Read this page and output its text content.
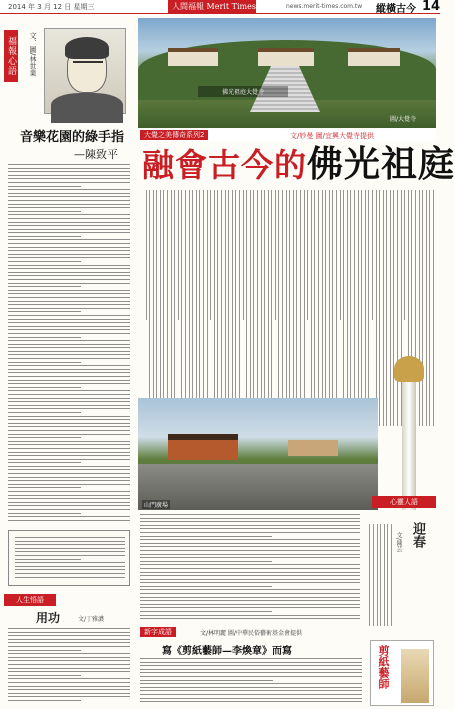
2014 年 3 月 12 日 星期三	人間福報 Merit Times	news.merit-times.com.tw 縱橫古今 14
福報心語	文、圖/林世業
音樂花園的綠手指
—陳致平
人生悟語
用功	文/丁雅濃
佛光祖庭大覺寺
圖/大覺寺
大覺之美傳奇系列2	文/妙曼 圖/宜興大覺寺提供
融會古今的佛光祖庭
山門廣場	心靈人語
迎春
文/陳芸
新字成語	文/林明麗 圖/中華民俗藝術基金會提供
寫《剪紙藝師—李煥章》而寫	剪紙藝師
